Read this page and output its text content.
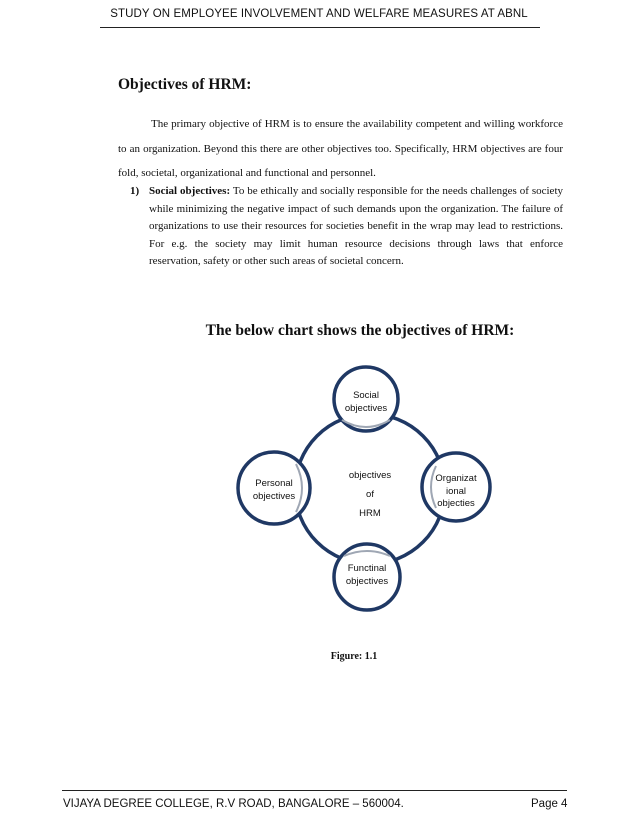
STUDY ON EMPLOYEE INVOLVEMENT AND WELFARE MEASURES AT ABNL
Objectives of HRM:
The primary objective of HRM is to ensure the availability competent and willing workforce to an organization. Beyond this there are other objectives too. Specifically, HRM objectives are four fold, societal, organizational and functional and personnel.
1) Social objectives: To be ethically and socially responsible for the needs challenges of society while minimizing the negative impact of such demands upon the organization. The failure of organizations to use their resources for societies benefit in the wrap may lead to restrictions. For e.g. the society may limit human resource decisions through laws that enforce reservation, safety or other such areas of societal concern.
The below chart shows the objectives of HRM:
Social
objectives
objectives
of
HRM
Organizat
ional
objecties
Functinal
objectives
Personal
objectives
Figure: 1.1
VIJAYA DEGREE COLLEGE, R.V ROAD, BANGALORE – 560004.	Page 4
